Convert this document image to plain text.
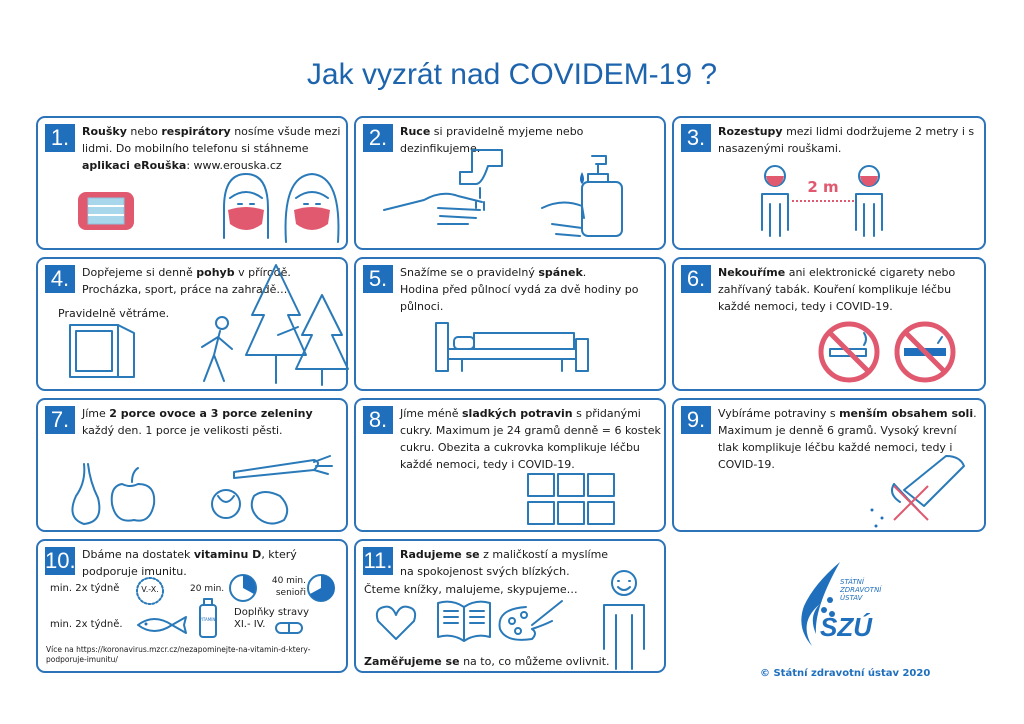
Jak vyzrát nad COVIDEM-19 ?
1.	Roušky nebo respirátory nosíme všude mezi lidmi. Do mobilního telefonu si stáhneme aplikaci eRouška: www.erouska.cz
2.	Ruce si pravidelně myjeme nebo dezinfikujeme.	3.	Rozestupy mezi lidmi dodržujeme 2 metry i s nasazenými rouškami.
2 m
4.	Dopřejeme si denně pohyb v přírodě.
Procházka, sport, práce na zahradě…
Pravidelně větráme.
5.	Snažíme se o pravidelný spánek.
Hodina před půlnocí vydá za dvě hodiny po půlnoci.
6.	Nekouříme ani elektronické cigarety nebo zahřívaný tabák. Kouření komplikuje léčbu každé nemoci, tedy i COVID-19.
7.	Jíme 2 porce ovoce a 3 porce zeleniny každý den. 1 porce je velikosti pěsti.	8.	Jíme méně sladkých potravin s přidanými cukry. Maximum je 24 gramů denně = 6 kostek cukru. Obezita a cukrovka komplikuje léčbu každé nemoci, tedy i COVID-19.
9.	Vybíráme potraviny s menším obsahem soli. Maximum je denně 6 gramů. Vysoký krevní tlak komplikuje léčbu každé nemoci, tedy i COVID-19.
10. Dbáme na dostatek vitaminu D, který podporuje imunitu.
min. 2x týdně	V.-X.	20 min.
40 min.
senioři
min. 2x týdně.	VITAMIN
Doplňky stravy
XI.- IV.
Více na https://koronavirus.mzcr.cz/nezapominejte-na-vitamin-d-ktery-podporuje-imunitu/
11. Radujeme se z maličkostí a myslíme na spokojenost svých blízkých.
Čteme knížky, malujeme, skypujeme…
Zaměřujeme se na to, co můžeme ovlivnit.
STÁTNÍ
ZDRAVOTNÍ
ÚSTAV
SZÚ
© Státní zdravotní ústav 2020
